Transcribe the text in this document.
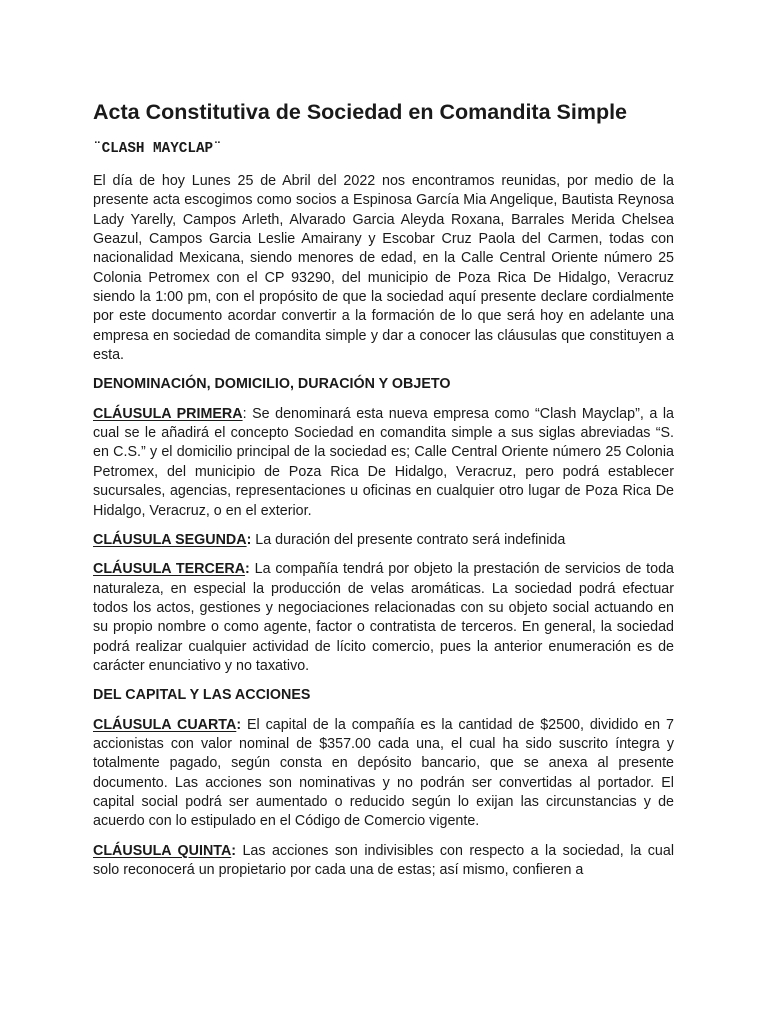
Acta Constitutiva de Sociedad en Comandita Simple
¨CLASH MAYCLAP¨

El día de hoy Lunes 25 de Abril del 2022 nos encontramos reunidas, por medio de la presente acta escogimos como socios a Espinosa García Mia Angelique, Bautista Reynosa Lady Yarelly, Campos Arleth, Alvarado Garcia Aleyda Roxana, Barrales Merida Chelsea Geazul, Campos Garcia Leslie Amairany y Escobar Cruz Paola del Carmen, todas con nacionalidad Mexicana, siendo menores de edad, en la Calle Central Oriente número 25 Colonia Petromex con el CP 93290, del municipio de Poza Rica De Hidalgo, Veracruz siendo la 1:00 pm, con el propósito de que la sociedad aquí presente declare cordialmente por este documento acordar convertir a la formación de lo que será hoy en adelante una empresa en sociedad de comandita simple y dar a conocer las cláusulas que constituyen a esta.

DENOMINACIÓN, DOMICILIO, DURACIÓN Y OBJETO

CLÁUSULA PRIMERA: Se denominará esta nueva empresa como “Clash Mayclap”, a la cual se le añadirá el concepto Sociedad en comandita simple a sus siglas abreviadas “S. en C.S.” y el domicilio principal de la sociedad es; Calle Central Oriente número 25 Colonia Petromex, del municipio de Poza Rica De Hidalgo, Veracruz, pero podrá establecer sucursales, agencias, representaciones u oficinas en cualquier otro lugar de Poza Rica De Hidalgo, Veracruz, o en el exterior.

CLÁUSULA SEGUNDA: La duración del presente contrato será indefinida

CLÁUSULA TERCERA: La compañía tendrá por objeto la prestación de servicios de toda naturaleza, en especial la producción de velas aromáticas. La sociedad podrá efectuar todos los actos, gestiones y negociaciones relacionadas con su objeto social actuando en su propio nombre o como agente, factor o contratista de terceros. En general, la sociedad podrá realizar cualquier actividad de lícito comercio, pues la anterior enumeración es de carácter enunciativo y no taxativo.

DEL CAPITAL Y LAS ACCIONES

CLÁUSULA CUARTA: El capital de la compañía es la cantidad de $2500, dividido en 7 accionistas con valor nominal de $357.00 cada una, el cual ha sido suscrito íntegra y totalmente pagado, según consta en depósito bancario, que se anexa al presente documento. Las acciones son nominativas y no podrán ser convertidas al portador. El capital social podrá ser aumentado o reducido según lo exijan las circunstancias y de acuerdo con lo estipulado en el Código de Comercio vigente.

CLÁUSULA QUINTA: Las acciones son indivisibles con respecto a la sociedad, la cual solo reconocerá un propietario por cada una de estas; así mismo, confieren a
